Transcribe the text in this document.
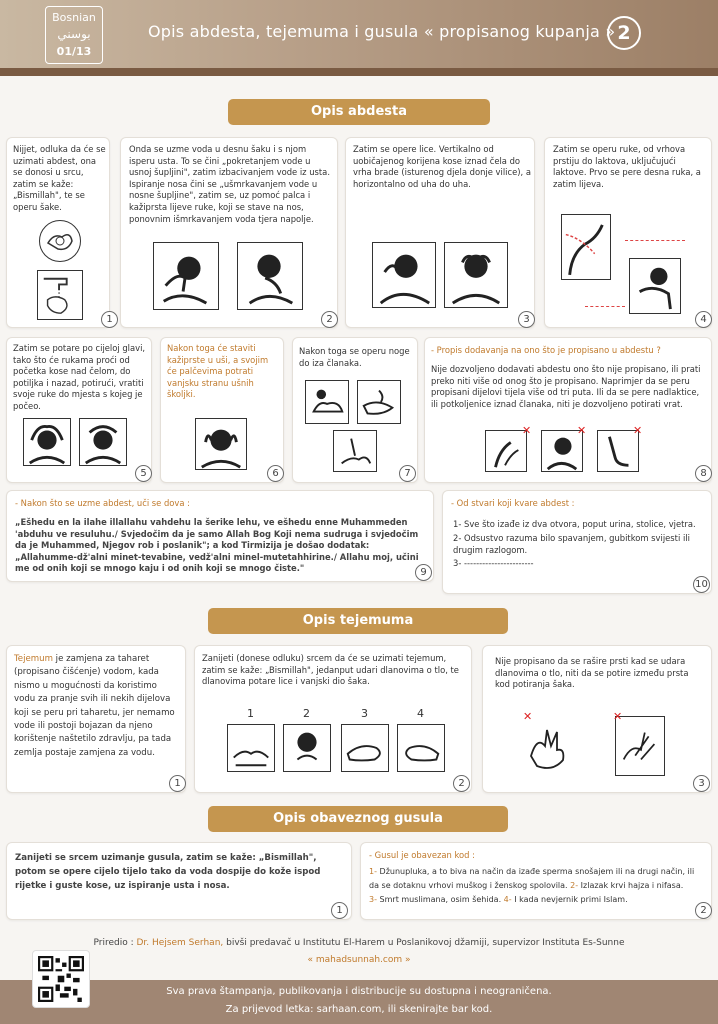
Bosnian
بوسني
01/13
Opis abdesta, tejemuma i gusula « propisanog kupanja » 2
Opis abdesta
Nijjet, odluka da će se uzimati abdest, ona se donosi u srcu, zatim se kaže: „Bismillah", te se operu šake.
1
Onda se uzme voda u desnu šaku i s njom isperu usta. To se čini „pokretanjem vode u usnoj šupljini", zatim izbacivanjem vode iz usta. Ispiranje nosa čini se „ušmrkavanjem vode u nosne šupljine", zatim se, uz pomoć palca i kažiprsta lijeve ruke, koji se stave na nos, ponovnim išmrkavanjem voda tjera napolje.
2
Zatim se opere lice. Vertikalno od uobičajenog korijena kose iznad čela do vrha brade (isturenog djela donje vilice), a horizontalno od uha do uha.
3
Zatim se operu ruke, od vrhova prstiju do laktova, uključujući laktove. Prvo se pere desna ruka, a zatim lijeva.
4
Zatim se potare po cijeloj glavi, tako što će rukama proći od početka kose nad čelom, do potiljka i nazad, potirući, vratiti svoje ruke do mjesta s kojeg je počeo.
5
Nakon toga će staviti kažiprste u uši, a svojim će palčevima potrati vanjsku stranu ušnih školjki.
6
Nakon toga se operu noge do iza članaka.
7
- Propis dodavanja na ono što je propisano u abdestu ?
Nije dozvoljeno dodavati abdestu ono što nije propisano, ili prati preko niti više od onog što je propisano. Naprimjer da se peru propisani dijelovi tijela više od tri puta. Ili da se pere nadlaktice, ili potkoljenice iznad članaka, niti je dozvoljeno potirati vrat.
✕	✕	✕
8
- Nakon što se uzme abdest, uči se dova :
„Ešhedu en la ilahe illallahu vahdehu la šerike lehu, ve ešhedu enne Muhammeden 'abduhu ve resuluhu./ Svjedočim da je samo Allah Bog Koji nema sudruga i svjedočim da je Muhammed, Njegov rob i poslanik"; a kod Tirmizija je došao dodatak: „Allahumme-dž'alni minet-tevabine, vedž'alni minel-mutetahhirine./ Allahu moj, učini me od onih koji se mnogo kaju i od onih koji se mnogo čiste."	9
- Od stvari koji kvare abdest :
1- Sve što izađe iz dva otvora, poput urina, stolice, vjetra.
2- Odsustvo razuma bilo spavanjem, gubitkom svijesti ili drugim razlogom.
3- -----------------------
10
Opis tejemuma
Tejemum je zamjena za taharet (propisano čišćenje) vodom, kada nismo u mogućnosti da koristimo vodu za pranje svih ili nekih dijelova koji se peru pri taharetu, jer nemamo vode ili postoji bojazan da njeno korištenje naštetilo zdravlju, pa tada zemlja postaje zamjena za vodu.
1
Zanijeti (donese odluku) srcem da će se uzimati tejemum, zatim se kaže: „Bismillah", jedanput udari dlanovima o tlo, te dlanovima potare lice i vanjski dio šaka.
1	2	3	4
2
Nije propisano da se raširе prsti kad se udara dlanovima o tlo, niti da se potire između prsta kod potiranja šaka.
✕	✕
3
Opis obaveznog gusula
Zanijeti se srcem uzimanje gusula, zatim se kaže: „Bismillah", potom se opere cijelo tijelo tako da voda dospije do kože ispod rijetke i guste kose, uz ispiranje usta i nosa.
1
- Gusul je obavezan kod :
1- Džunupluka, a to biva na način da izađe sperma snošajem ili na drugi način, ili da se dotaknu vrhovi muškog i ženskog spolovila. 2- Izlazak krvi hajza i nifasa.
3- Smrt muslimana, osim šehida. 4- I kada nevjernik primi Islam.
2
Priredio : Dr. Hejsem Serhan, bivši predavač u Institutu El-Harem u Poslanikovoj džamiji, supervizor Instituta Es-Sunne
« mahadsunnah.com »
Sva prava štampanja, publikovanja i distribucije su dostupna i neograničena.
Za prijevod letka: sarhaan.com, ili skenirajte bar kod.
